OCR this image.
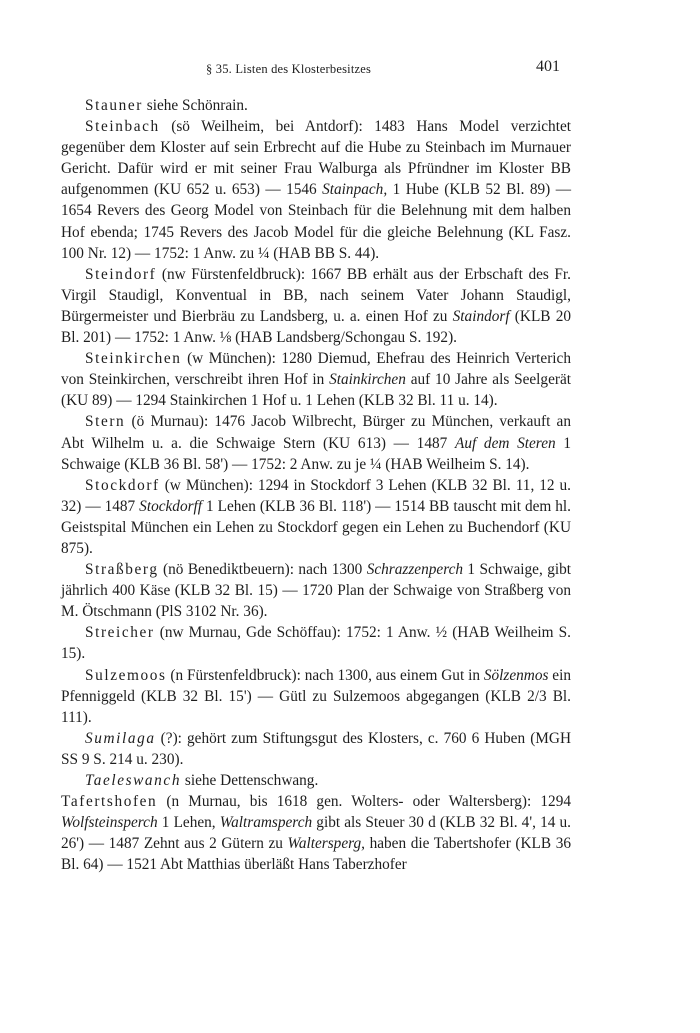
§ 35. Listen des Klosterbesitzes	401

Stauner siehe Schönrain.

Steinbach (sö Weilheim, bei Antdorf): 1483 Hans Model verzichtet gegenüber dem Kloster auf sein Erbrecht auf die Hube zu Steinbach im Murnauer Gericht. Dafür wird er mit seiner Frau Walburga als Pfründner im Kloster BB aufgenommen (KU 652 u. 653) — 1546 Stainpach, 1 Hube (KLB 52 Bl. 89) — 1654 Revers des Georg Model von Steinbach für die Belehnung mit dem halben Hof ebenda; 1745 Revers des Jacob Model für die gleiche Belehnung (KL Fasz. 100 Nr. 12) — 1752: 1 Anw. zu ¼ (HAB BB S. 44).

Steindorf (nw Fürstenfeldbruck): 1667 BB erhält aus der Erbschaft des Fr. Virgil Staudigl, Konventual in BB, nach seinem Vater Johann Staudigl, Bürgermeister und Bierbräu zu Landsberg, u. a. einen Hof zu Staindorf (KLB 20 Bl. 201) — 1752: 1 Anw. ⅛ (HAB Landsberg/Schongau S. 192).

Steinkirchen (w München): 1280 Diemud, Ehefrau des Heinrich Verterich von Steinkirchen, verschreibt ihren Hof in Stainkirchen auf 10 Jahre als Seelgerät (KU 89) — 1294 Stainkirchen 1 Hof u. 1 Lehen (KLB 32 Bl. 11 u. 14).

Stern (ö Murnau): 1476 Jacob Wilbrecht, Bürger zu München, verkauft an Abt Wilhelm u. a. die Schwaige Stern (KU 613) — 1487 Auf dem Steren 1 Schwaige (KLB 36 Bl. 58') — 1752: 2 Anw. zu je ¼ (HAB Weilheim S. 14).

Stockdorf (w München): 1294 in Stockdorf 3 Lehen (KLB 32 Bl. 11, 12 u. 32) — 1487 Stockdorff 1 Lehen (KLB 36 Bl. 118') — 1514 BB tauscht mit dem hl. Geistspital München ein Lehen zu Stockdorf gegen ein Lehen zu Buchendorf (KU 875).

Straßberg (nö Benediktbeuern): nach 1300 Schrazzenperch 1 Schwaige, gibt jährlich 400 Käse (KLB 32 Bl. 15) — 1720 Plan der Schwaige von Straßberg von M. Ötschmann (PlS 3102 Nr. 36).

Streicher (nw Murnau, Gde Schöffau): 1752: 1 Anw. ½ (HAB Weilheim S. 15).

Sulzemoos (n Fürstenfeldbruck): nach 1300, aus einem Gut in Sölzenmos ein Pfenniggeld (KLB 32 Bl. 15') — Gütl zu Sulzemoos abgegangen (KLB 2/3 Bl. 111).

Sumilaga (?): gehört zum Stiftungsgut des Klosters, c. 760 6 Huben (MGH SS 9 S. 214 u. 230).

Taeleswanch siehe Dettenschwang.

Tafertshofen (n Murnau, bis 1618 gen. Wolters- oder Waltersberg): 1294 Wolfsteinsperch 1 Lehen, Waltramsperch gibt als Steuer 30 d (KLB 32 Bl. 4', 14 u. 26') — 1487 Zehnt aus 2 Gütern zu Waltersperg, haben die Tabertshofer (KLB 36 Bl. 64) — 1521 Abt Matthias überläßt Hans Taberzhofer
